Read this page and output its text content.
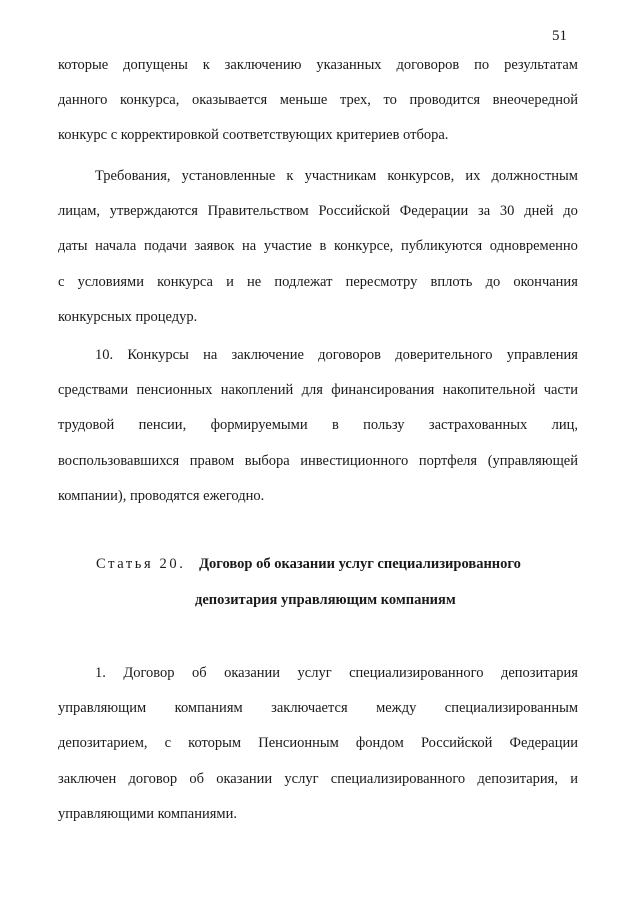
51
которые допущены к заключению указанных договоров по результатам
данного конкурса, оказывается меньше трех, то проводится внеочередной
конкурс с корректировкой соответствующих критериев отбора.
Требования, установленные к участникам конкурсов, их должностным
лицам, утверждаются Правительством Российской Федерации за 30 дней до
даты начала подачи заявок на участие в конкурсе, публикуются одновременно
с условиями конкурса и не подлежат пересмотру вплоть до окончания
конкурсных процедур.
10. Конкурсы на заключение договоров доверительного управления
средствами пенсионных накоплений для финансирования накопительной части
трудовой пенсии, формируемыми в пользу застрахованных лиц,
воспользовавшихся правом выбора инвестиционного портфеля (управляющей
компании), проводятся ежегодно.
Статья 20. Договор об оказании услуг специализированного
депозитария управляющим компаниям
1. Договор об оказании услуг специализированного депозитария
управляющим компаниям заключается между специализированным
депозитарием, с которым Пенсионным фондом Российской Федерации
заключен договор об оказании услуг специализированного депозитария, и
управляющими компаниями.
